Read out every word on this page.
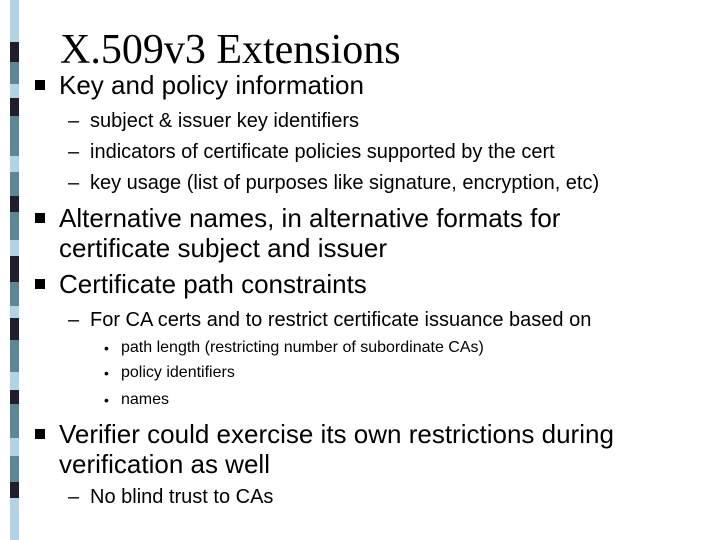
X.509v3 Extensions
Key and policy information
– subject & issuer key identifiers
– indicators of certificate policies supported by the cert
– key usage (list of purposes like signature, encryption, etc)
Alternative names, in alternative formats for
certificate subject and issuer
Certificate path constraints
– For CA certs and to restrict certificate issuance based on
• path length (restricting number of subordinate CAs)
• policy identifiers
• names
Verifier could exercise its own restrictions during
verification as well
– No blind trust to CAs
